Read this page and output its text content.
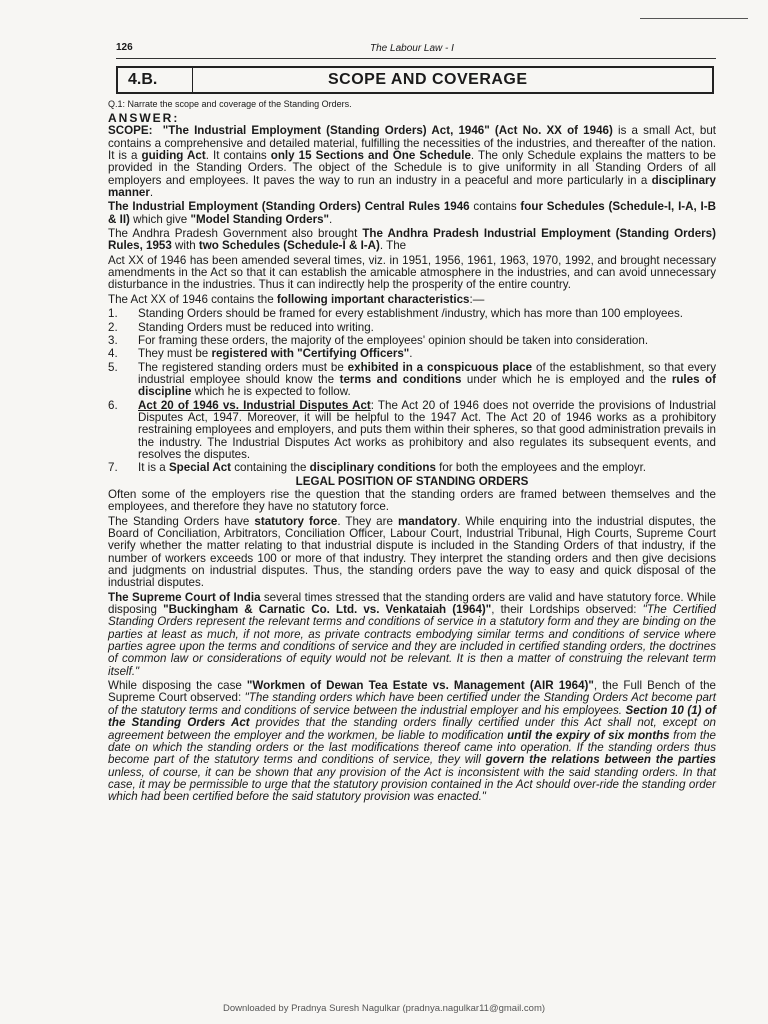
126	The Labour Law - I
4.B.	SCOPE AND COVERAGE

Q.1: Narrate the scope and coverage of the Standing Orders.

ANSWER:

SCOPE: "The Industrial Employment (Standing Orders) Act, 1946" (Act No. XX of 1946) is a small Act, but contains a comprehensive and detailed material, fulfilling the necessities of the industries, and thereafter of the nation. It is a guiding Act. It contains only 15 Sections and One Schedule. The only Schedule explains the matters to be provided in the Standing Orders. The object of the Schedule is to give uniformity in all Standing Orders of all employers and employees. It paves the way to run an industry in a peaceful and more particularly in a disciplinary manner.

The Industrial Employment (Standing Orders) Central Rules 1946 contains four Schedules (Schedule-I, I-A, I-B & II) which give "Model Standing Orders".

The Andhra Pradesh Government also brought The Andhra Pradesh Industrial Employment (Standing Orders) Rules, 1953 with two Schedules (Schedule-I & I-A). The

Act XX of 1946 has been amended several times, viz. in 1951, 1956, 1961, 1963, 1970, 1992, and brought necessary amendments in the Act so that it can establish the amicable atmosphere in the industries, and can avoid unnecessary disturbance in the industries. Thus it can indirectly help the prosperity of the entire country.

The Act XX of 1946 contains the following important characteristics:—

1.	Standing Orders should be framed for every establishment /industry, which has more than 100 employees.
2.	Standing Orders must be reduced into writing.
3.	For framing these orders, the majority of the employees' opinion should be taken into consideration.
4.	They must be registered with "Certifying Officers".
5.	The registered standing orders must be exhibited in a conspicuous place of the establishment, so that every industrial employee should know the terms and conditions under which he is employed and the rules of discipline which he is expected to follow.
6.	Act 20 of 1946 vs. Industrial Disputes Act: The Act 20 of 1946 does not override the provisions of Industrial Disputes Act, 1947. Moreover, it will be helpful to the 1947 Act. The Act 20 of 1946 works as a prohibitory restraining employees and employers, and puts them within their spheres, so that good administration prevails in the industry. The Industrial Disputes Act works as prohibitory and also regulates its subsequent events, and resolves the disputes.
7.	It is a Special Act containing the disciplinary conditions for both the employees and the employr.
LEGAL POSITION OF STANDING ORDERS

Often some of the employers rise the question that the standing orders are framed between themselves and the employees, and therefore they have no statutory force.

The Standing Orders have statutory force. They are mandatory. While enquiring into the industrial disputes, the Board of Conciliation, Arbitrators, Conciliation Officer, Labour Court, Industrial Tribunal, High Courts, Supreme Court verify whether the matter relating to that industrial dispute is included in the Standing Orders of that industry, if the number of workers exceeds 100 or more of that industry. They interpret the standing orders and then give decisions and judgments on industrial disputes. Thus, the standing orders pave the way to easy and quick disposal of the industrial disputes.

The Supreme Court of India several times stressed that the standing orders are valid and have statutory force. While disposing "Buckingham & Carnatic Co. Ltd. vs. Venkataiah (1964)", their Lordships observed: "The Certified Standing Orders represent the relevant terms and conditions of service in a statutory form and they are binding on the parties at least as much, if not more, as private contracts embodying similar terms and conditions of service where parties agree upon the terms and conditions of service and they are included in certified standing orders, the doctrines of common law or considerations of equity would not be relevant. It is then a matter of construing the relevant term itself."

While disposing the case "Workmen of Dewan Tea Estate vs. Management (AIR 1964)", the Full Bench of the Supreme Court observed: "The standing orders which have been certified under the Standing Orders Act become part of the statutory terms and conditions of service between the industrial employer and his employees. Section 10 (1) of the Standing Orders Act provides that the standing orders finally certified under this Act shall not, except on agreement between the employer and the workmen, be liable to modification until the expiry of six months from the date on which the standing orders or the last modifications thereof came into operation. If the standing orders thus become part of the statutory terms and conditions of service, they will govern the relations between the parties unless, of course, it can be shown that any provision of the Act is inconsistent with the said standing orders. In that case, it may be permissible to urge that the statutory provision contained in the Act should over-ride the standing order which had been certified before the said statutory provision was enacted."

Downloaded by Pradnya Suresh Nagulkar (pradnya.nagulkar11@gmail.com)
